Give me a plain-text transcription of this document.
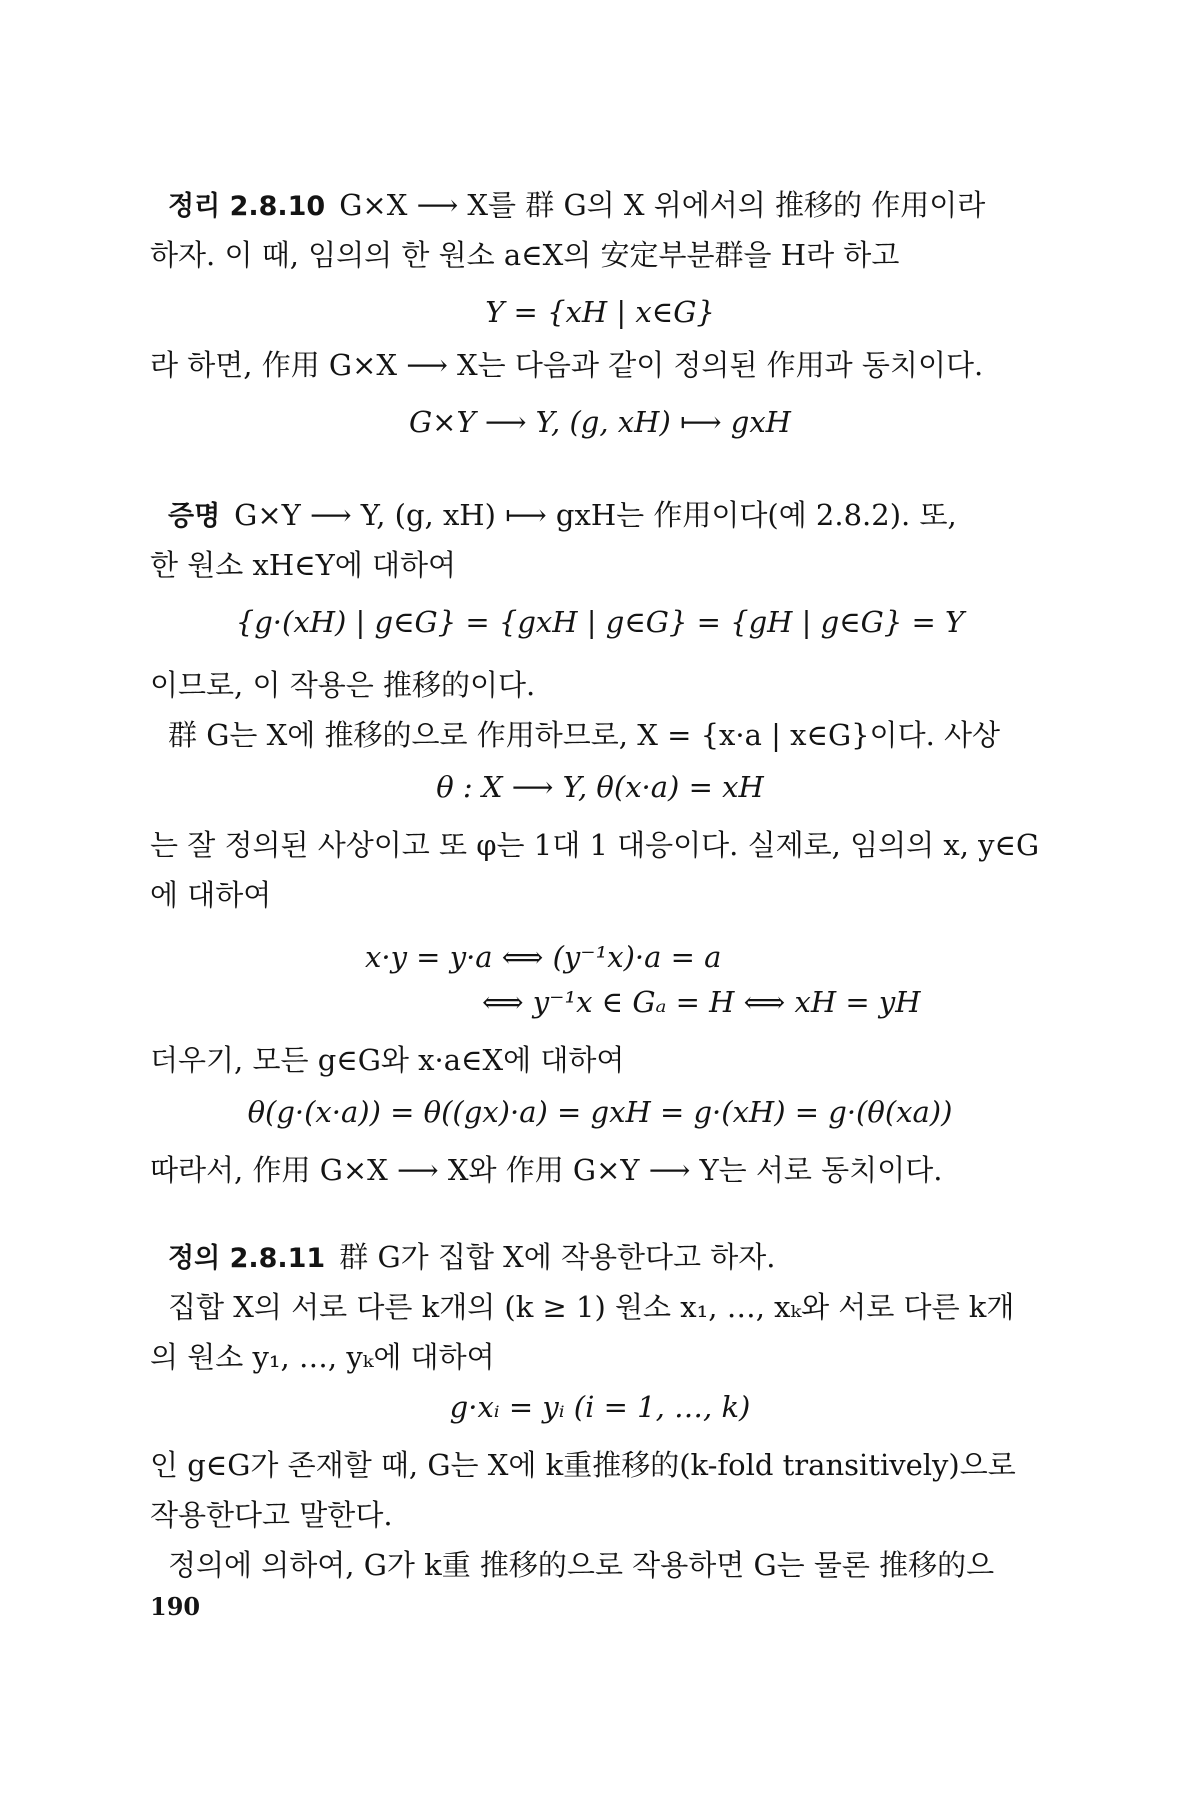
정리 2.8.10 G×X ⟶ X를 群 G의 X 위에서의 推移的 作用이라
하자. 이 때, 임의의 한 원소 a∈X의 安定부분群을 H라 하고
Y = {xH | x∈G}
라 하면, 作用 G×X ⟶ X는 다음과 같이 정의된 作用과 동치이다.
G×Y ⟶ Y, (g, xH) ⟼ gxH
증명 G×Y ⟶ Y, (g, xH) ⟼ gxH는 作用이다(예 2.8.2). 또,
한 원소 xH∈Y에 대하여
{g·(xH) | g∈G} = {gxH | g∈G} = {gH | g∈G} = Y
이므로, 이 작용은 推移的이다.
群 G는 X에 推移的으로 作用하므로, X = {x·a | x∈G}이다. 사상
θ : X ⟶ Y, θ(x·a) = xH
는 잘 정의된 사상이고 또 φ는 1대 1 대응이다. 실제로, 임의의 x, y∈G
에 대하여
x·y = y·a ⟺ (y⁻¹x)·a = a
⟺ y⁻¹x ∈ Gₐ = H ⟺ xH = yH
더우기, 모든 g∈G와 x·a∈X에 대하여
θ(g·(x·a)) = θ((gx)·a) = gxH = g·(xH) = g·(θ(xa))
따라서, 作用 G×X ⟶ X와 作用 G×Y ⟶ Y는 서로 동치이다.
정의 2.8.11 群 G가 집합 X에 작용한다고 하자.
집합 X의 서로 다른 k개의 (k ≥ 1) 원소 x₁, …, xₖ와 서로 다른 k개
의 원소 y₁, …, yₖ에 대하여
g·xᵢ = yᵢ (i = 1, …, k)
인 g∈G가 존재할 때, G는 X에 k重推移的(k-fold transitively)으로
작용한다고 말한다.
정의에 의하여, G가 k重 推移的으로 작용하면 G는 물론 推移的으
190
